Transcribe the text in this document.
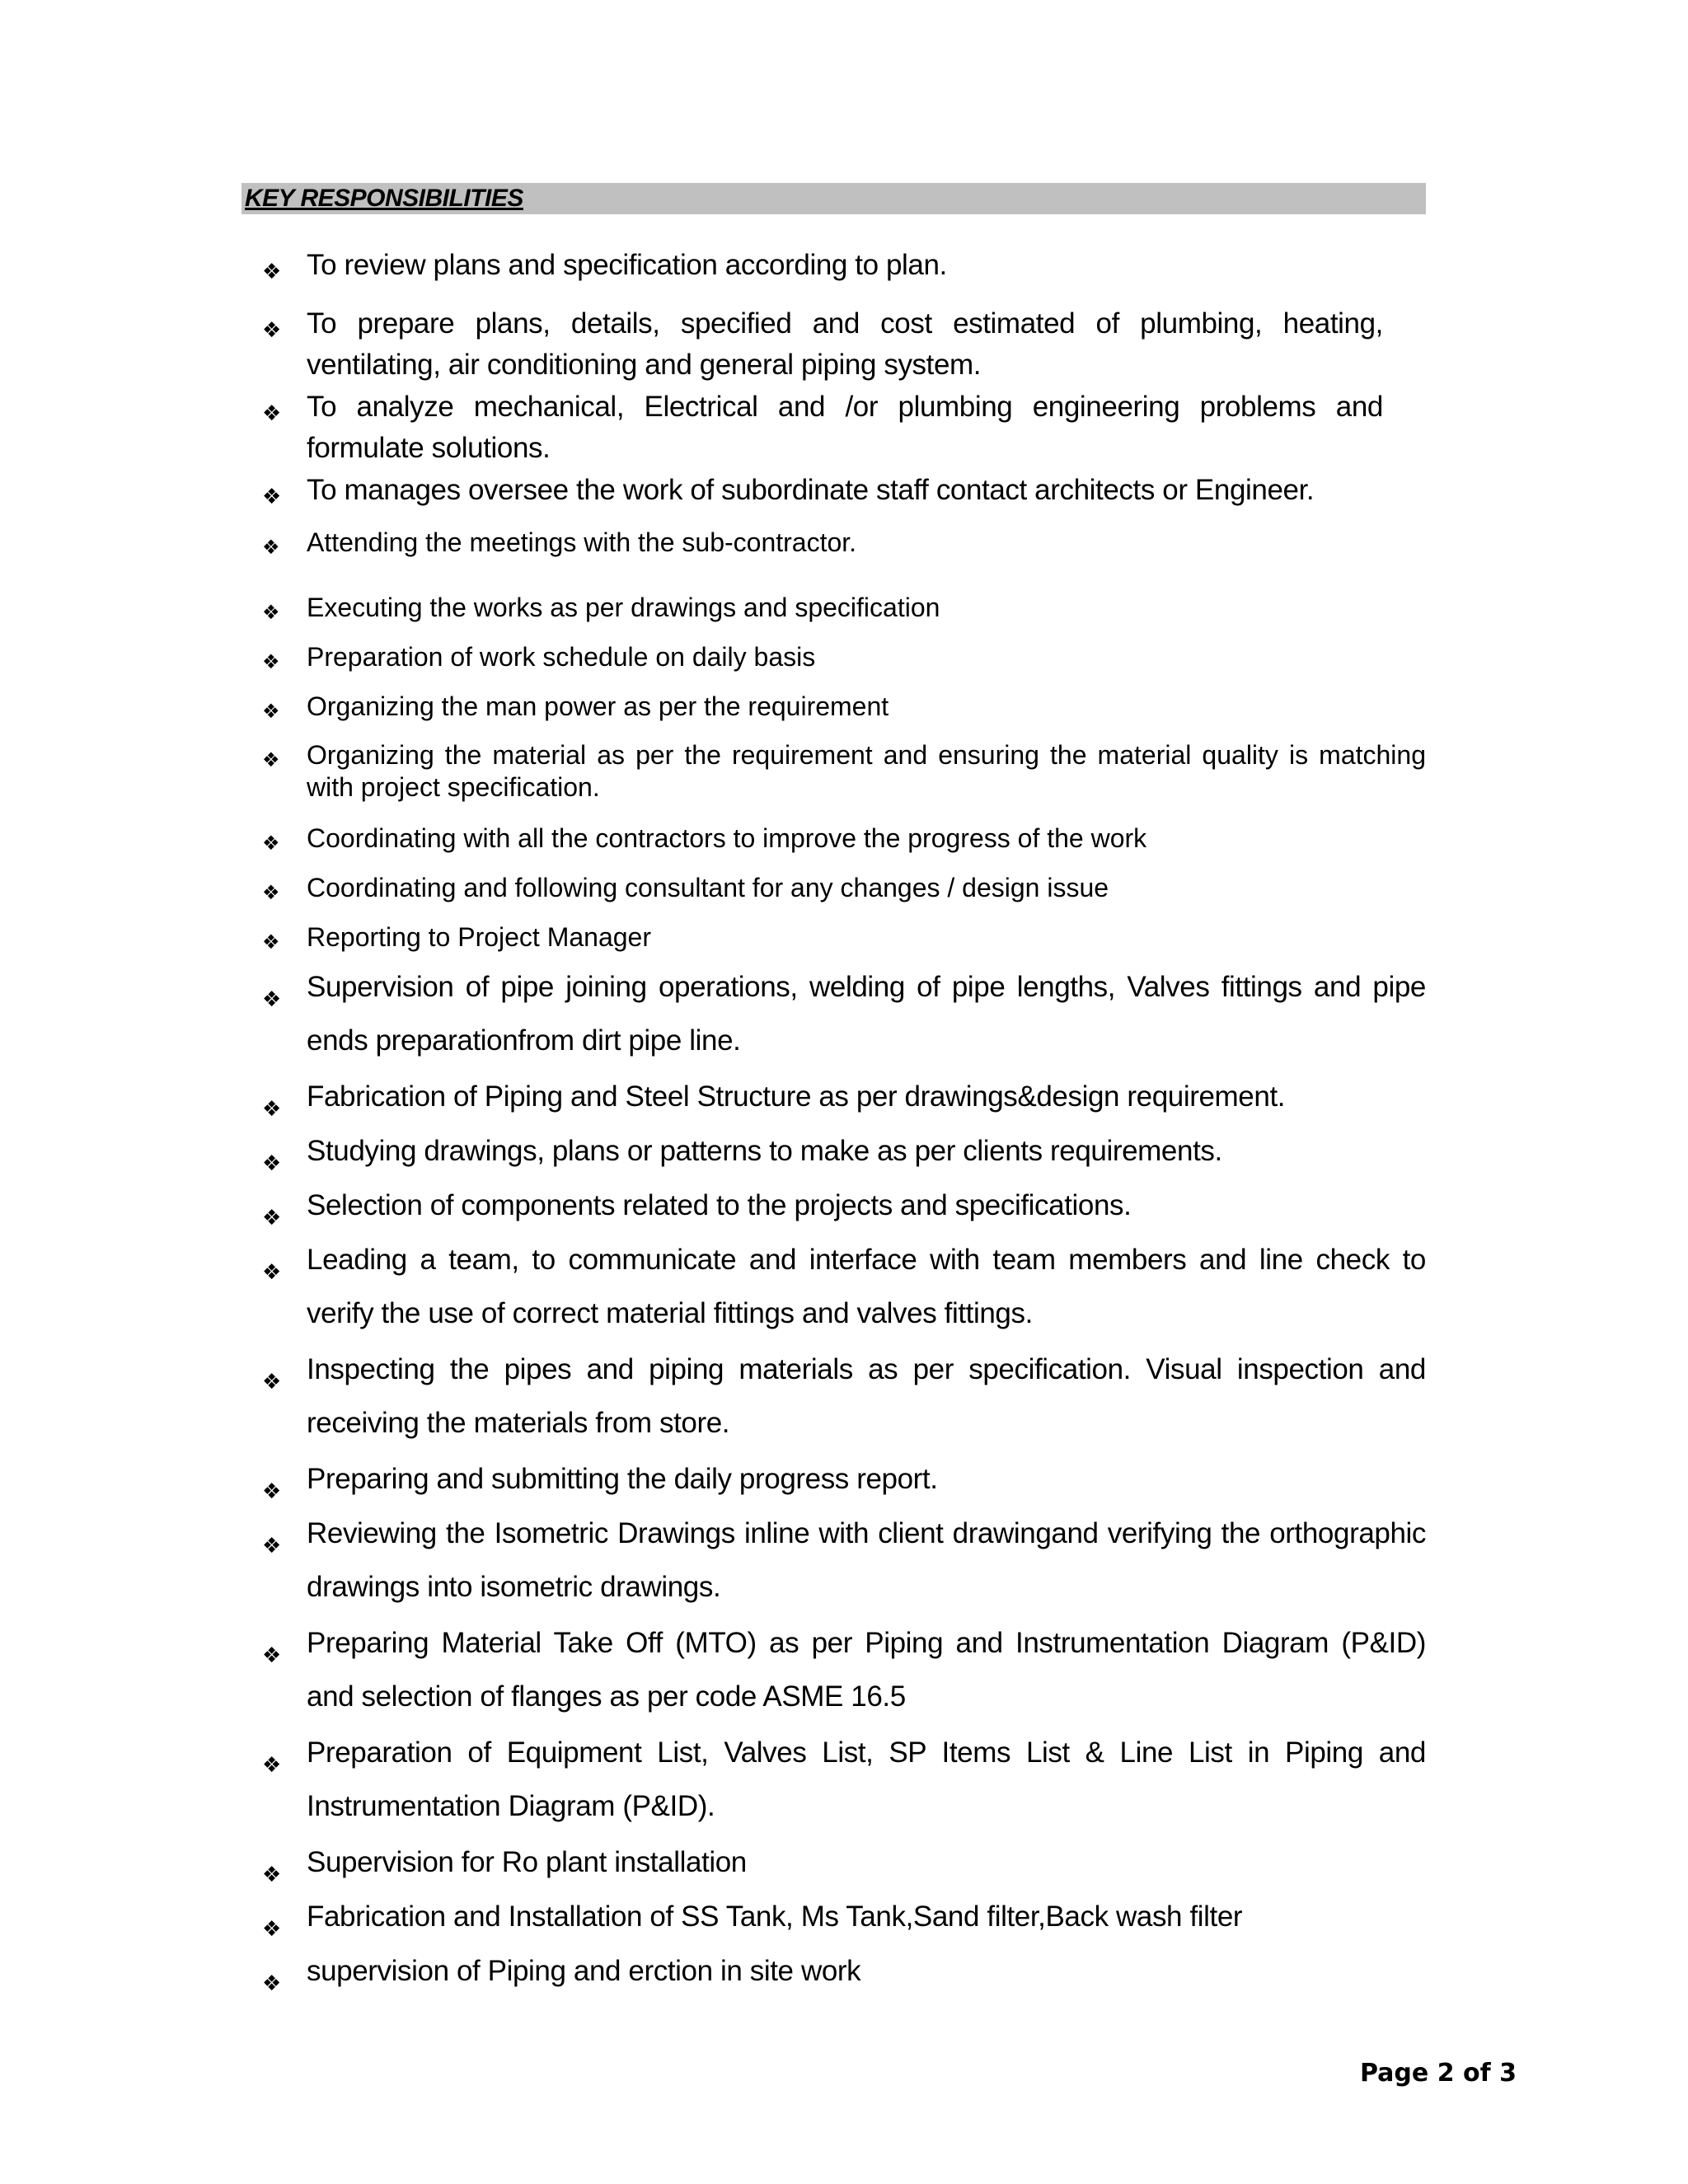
KEY RESPONSIBILITIES
❖ To review plans and specification according to plan.
❖ To prepare plans, details, specified and cost estimated of plumbing, heating, ventilating, air conditioning and general piping system.
❖ To analyze mechanical, Electrical and /or plumbing engineering problems and formulate solutions.
❖ To manages oversee the work of subordinate staff contact architects or Engineer.
❖ Attending the meetings with the sub-contractor.
❖ Executing the works as per drawings and specification
❖ Preparation of work schedule on daily basis
❖ Organizing the man power as per the requirement
❖ Organizing the material as per the requirement and ensuring the material quality is matching with project specification.
❖ Coordinating with all the contractors to improve the progress of the work
❖ Coordinating and following consultant for any changes / design issue
❖ Reporting to Project Manager
❖ Supervision of pipe joining operations, welding of pipe lengths, Valves fittings and pipe ends preparationfrom dirt pipe line.
❖ Fabrication of Piping and Steel Structure as per drawings&design requirement.
❖ Studying drawings, plans or patterns to make as per clients requirements.
❖ Selection of components related to the projects and specifications.
❖ Leading a team, to communicate and interface with team members and line check to verify the use of correct material fittings and valves fittings.
❖ Inspecting the pipes and piping materials as per specification. Visual inspection and receiving the materials from store.
❖ Preparing and submitting the daily progress report.
❖ Reviewing the Isometric Drawings inline with client drawingand verifying the orthographic drawings into isometric drawings.
❖ Preparing Material Take Off (MTO) as per Piping and Instrumentation Diagram (P&ID) and selection of flanges as per code ASME 16.5
❖ Preparation of Equipment List, Valves List, SP Items List & Line List in Piping and Instrumentation Diagram (P&ID).
❖ Supervision for Ro plant installation
❖ Fabrication and Installation of SS Tank, Ms Tank,Sand filter,Back wash filter
❖ supervision of Piping and erction in site work
Page 2 of 3
